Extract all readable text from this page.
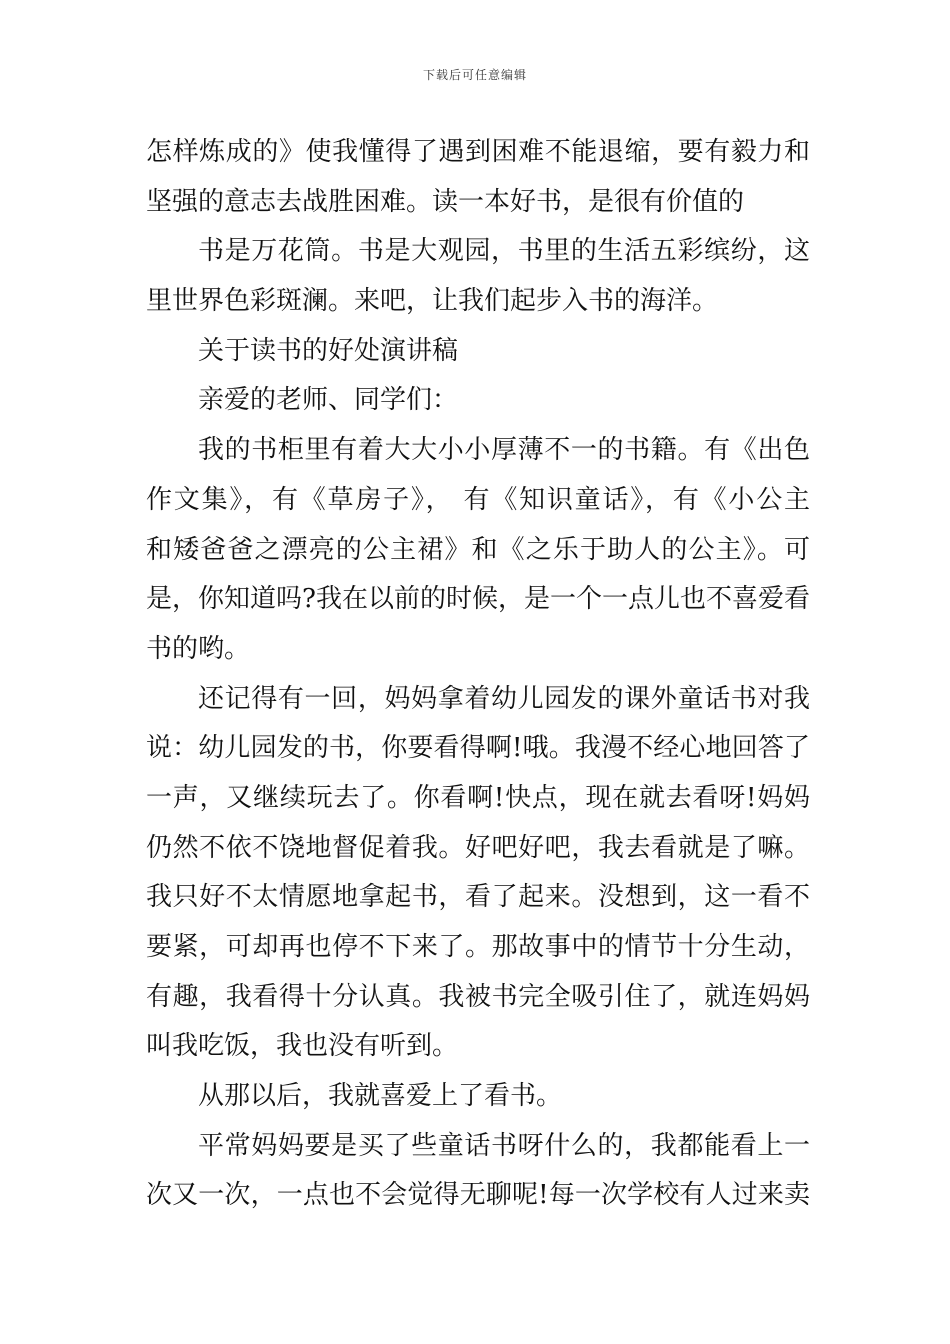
下载后可任意编辑
怎样炼成的》使我懂得了遇到困难不能退缩，要有毅力和
坚强的意志去战胜困难。读一本好书，是很有价值的
书是万花筒。书是大观园，书里的生活五彩缤纷，这
里世界色彩斑澜。来吧，让我们起步入书的海洋。
关于读书的好处演讲稿
亲爱的老师、同学们：
我的书柜里有着大大小小厚薄不一的书籍。有《出色
作文集》，有《草房子》， 有《知识童话》，有《小公主
和矮爸爸之漂亮的公主裙》和《之乐于助人的公主》。可
是，你知道吗?我在以前的时候，是一个一点儿也不喜爱看
书的哟。
还记得有一回，妈妈拿着幼儿园发的课外童话书对我
说：幼儿园发的书，你要看得啊!哦。我漫不经心地回答了
一声，又继续玩去了。你看啊!快点，现在就去看呀!妈妈
仍然不依不饶地督促着我。好吧好吧，我去看就是了嘛。
我只好不太情愿地拿起书，看了起来。没想到，这一看不
要紧，可却再也停不下来了。那故事中的情节十分生动，
有趣，我看得十分认真。我被书完全吸引住了，就连妈妈
叫我吃饭，我也没有听到。
从那以后，我就喜爱上了看书。
平常妈妈要是买了些童话书呀什么的，我都能看上一
次又一次，一点也不会觉得无聊呢!每一次学校有人过来卖
